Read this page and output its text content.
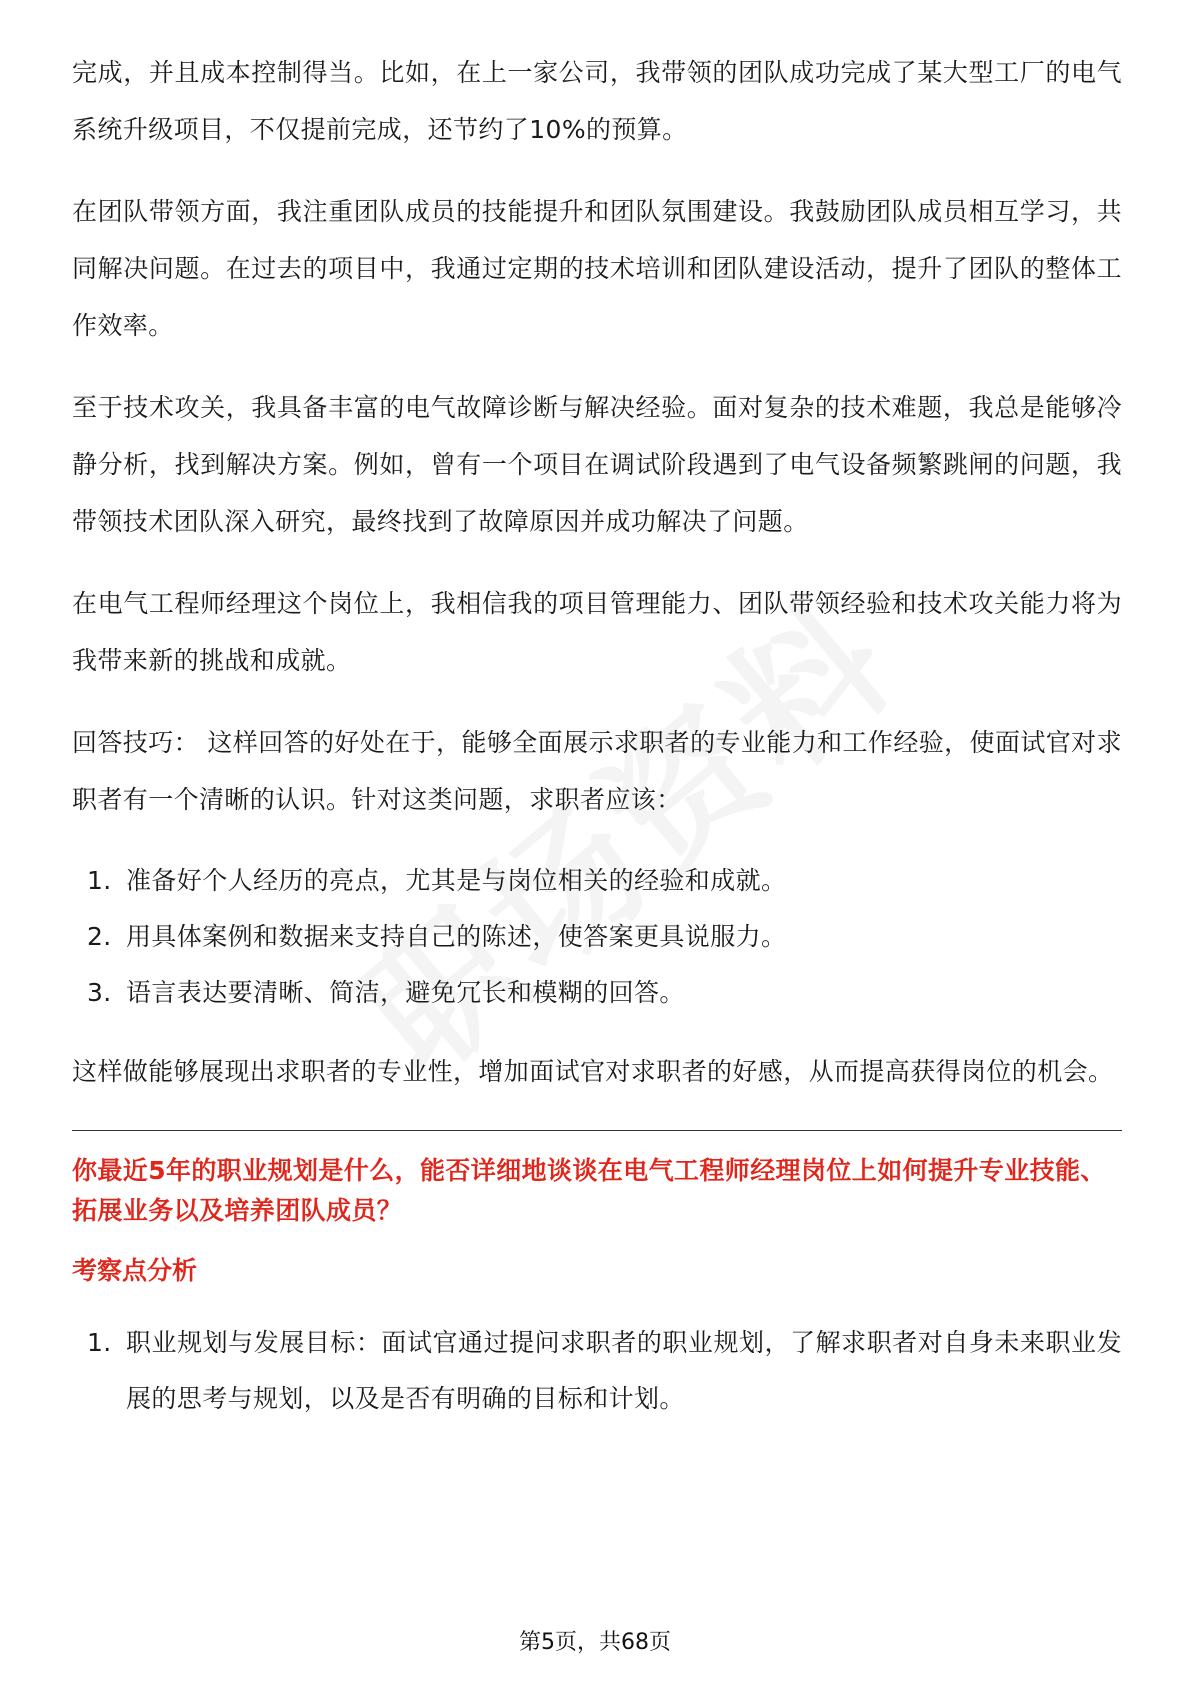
完成，并且成本控制得当。比如，在上一家公司，我带领的团队成功完成了某大型工厂的电气系统升级项目，不仅提前完成，还节约了10%的预算。

在团队带领方面，我注重团队成员的技能提升和团队氛围建设。我鼓励团队成员相互学习，共同解决问题。在过去的项目中，我通过定期的技术培训和团队建设活动，提升了团队的整体工作效率。

至于技术攻关，我具备丰富的电气故障诊断与解决经验。面对复杂的技术难题，我总是能够冷静分析，找到解决方案。例如，曾有一个项目在调试阶段遇到了电气设备频繁跳闸的问题，我带领技术团队深入研究，最终找到了故障原因并成功解决了问题。

在电气工程师经理这个岗位上，我相信我的项目管理能力、团队带领经验和技术攻关能力将为我带来新的挑战和成就。

回答技巧： 这样回答的好处在于，能够全面展示求职者的专业能力和工作经验，使面试官对求职者有一个清晰的认识。针对这类问题，求职者应该：

1. 准备好个人经历的亮点，尤其是与岗位相关的经验和成就。
2. 用具体案例和数据来支持自己的陈述，使答案更具说服力。
3. 语言表达要清晰、简洁，避免冗长和模糊的回答。

这样做能够展现出求职者的专业性，增加面试官对求职者的好感，从而提高获得岗位的机会。

你最近5年的职业规划是什么，能否详细地谈谈在电气工程师经理岗位上如何提升专业技能、拓展业务以及培养团队成员？
考察点分析
1. 职业规划与发展目标：面试官通过提问求职者的职业规划，了解求职者对自身未来职业发展的思考与规划，以及是否有明确的目标和计划。
第5页，共68页
